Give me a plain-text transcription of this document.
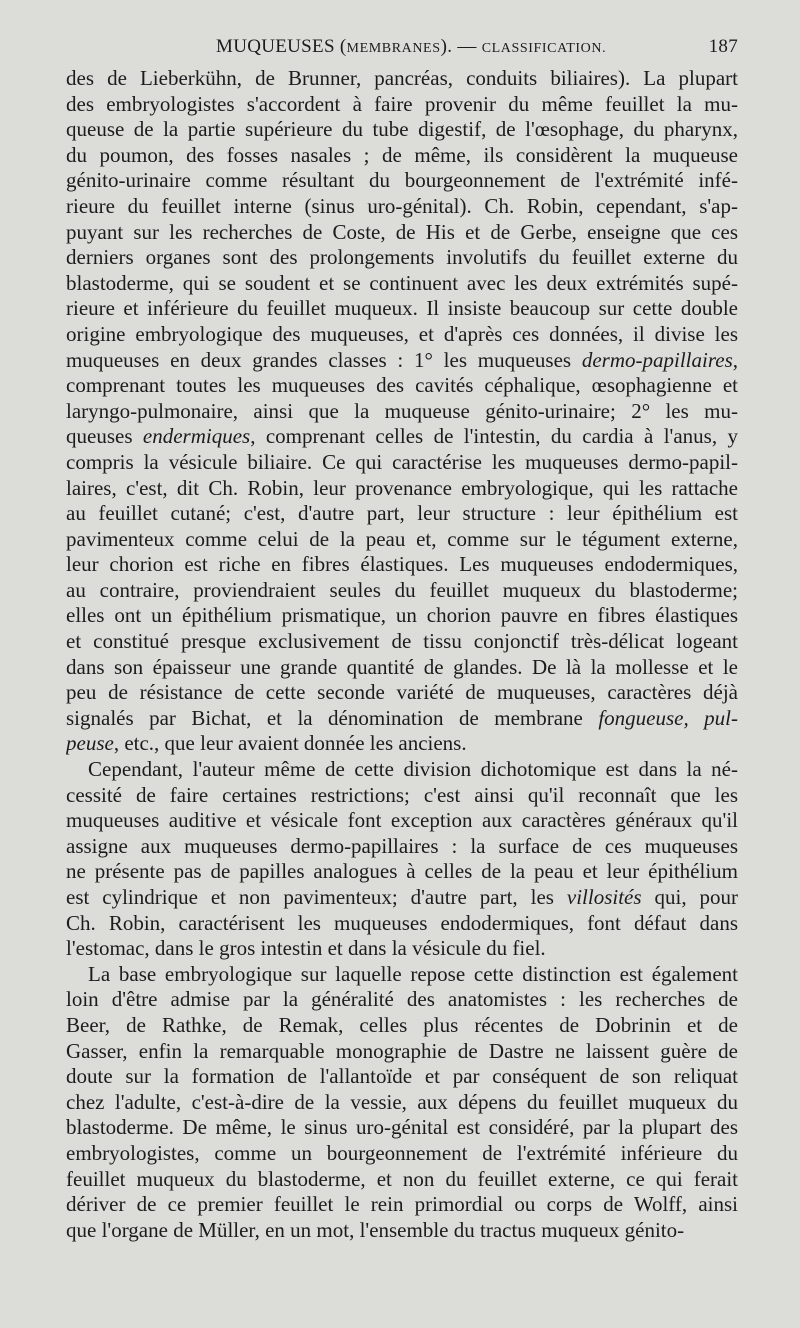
MUQUEUSES (MEMBRANES). — CLASSIFICATION.	187
des de Lieberkühn, de Brunner, pancréas, conduits biliaires). La plupart
des embryologistes s'accordent à faire provenir du même feuillet la mu-
queuse de la partie supérieure du tube digestif, de l'œsophage, du pharynx,
du poumon, des fosses nasales ; de même, ils considèrent la muqueuse
génito-urinaire comme résultant du bourgeonnement de l'extrémité infé-
rieure du feuillet interne (sinus uro-génital). Ch. Robin, cependant, s'ap-
puyant sur les recherches de Coste, de His et de Gerbe, enseigne que ces
derniers organes sont des prolongements involutifs du feuillet externe du
blastoderme, qui se soudent et se continuent avec les deux extrémités supé-
rieure et inférieure du feuillet muqueux. Il insiste beaucoup sur cette double
origine embryologique des muqueuses, et d'après ces données, il divise les
muqueuses en deux grandes classes : 1° les muqueuses dermo-papillaires,
comprenant toutes les muqueuses des cavités céphalique, œsophagienne et
laryngo-pulmonaire, ainsi que la muqueuse génito-urinaire; 2° les mu-
queuses endermiques, comprenant celles de l'intestin, du cardia à l'anus, y
compris la vésicule biliaire. Ce qui caractérise les muqueuses dermo-papil-
laires, c'est, dit Ch. Robin, leur provenance embryologique, qui les rattache
au feuillet cutané; c'est, d'autre part, leur structure : leur épithélium est
pavimenteux comme celui de la peau et, comme sur le tégument externe,
leur chorion est riche en fibres élastiques. Les muqueuses endodermiques,
au contraire, proviendraient seules du feuillet muqueux du blastoderme;
elles ont un épithélium prismatique, un chorion pauvre en fibres élastiques
et constitué presque exclusivement de tissu conjonctif très-délicat logeant
dans son épaisseur une grande quantité de glandes. De là la mollesse et le
peu de résistance de cette seconde variété de muqueuses, caractères déjà
signalés par Bichat, et la dénomination de membrane fongueuse, pul-
peuse, etc., que leur avaient donnée les anciens.
Cependant, l'auteur même de cette division dichotomique est dans la né-
cessité de faire certaines restrictions; c'est ainsi qu'il reconnaît que les
muqueuses auditive et vésicale font exception aux caractères généraux qu'il
assigne aux muqueuses dermo-papillaires : la surface de ces muqueuses
ne présente pas de papilles analogues à celles de la peau et leur épithélium
est cylindrique et non pavimenteux; d'autre part, les villosités qui, pour
Ch. Robin, caractérisent les muqueuses endodermiques, font défaut dans
l'estomac, dans le gros intestin et dans la vésicule du fiel.
La base embryologique sur laquelle repose cette distinction est également
loin d'être admise par la généralité des anatomistes : les recherches de
Beer, de Rathke, de Remak, celles plus récentes de Dobrinin et de
Gasser, enfin la remarquable monographie de Dastre ne laissent guère de
doute sur la formation de l'allantoïde et par conséquent de son reliquat
chez l'adulte, c'est-à-dire de la vessie, aux dépens du feuillet muqueux du
blastoderme. De même, le sinus uro-génital est considéré, par la plupart des
embryologistes, comme un bourgeonnement de l'extrémité inférieure du
feuillet muqueux du blastoderme, et non du feuillet externe, ce qui ferait
dériver de ce premier feuillet le rein primordial ou corps de Wolff, ainsi
que l'organe de Müller, en un mot, l'ensemble du tractus muqueux génito-
